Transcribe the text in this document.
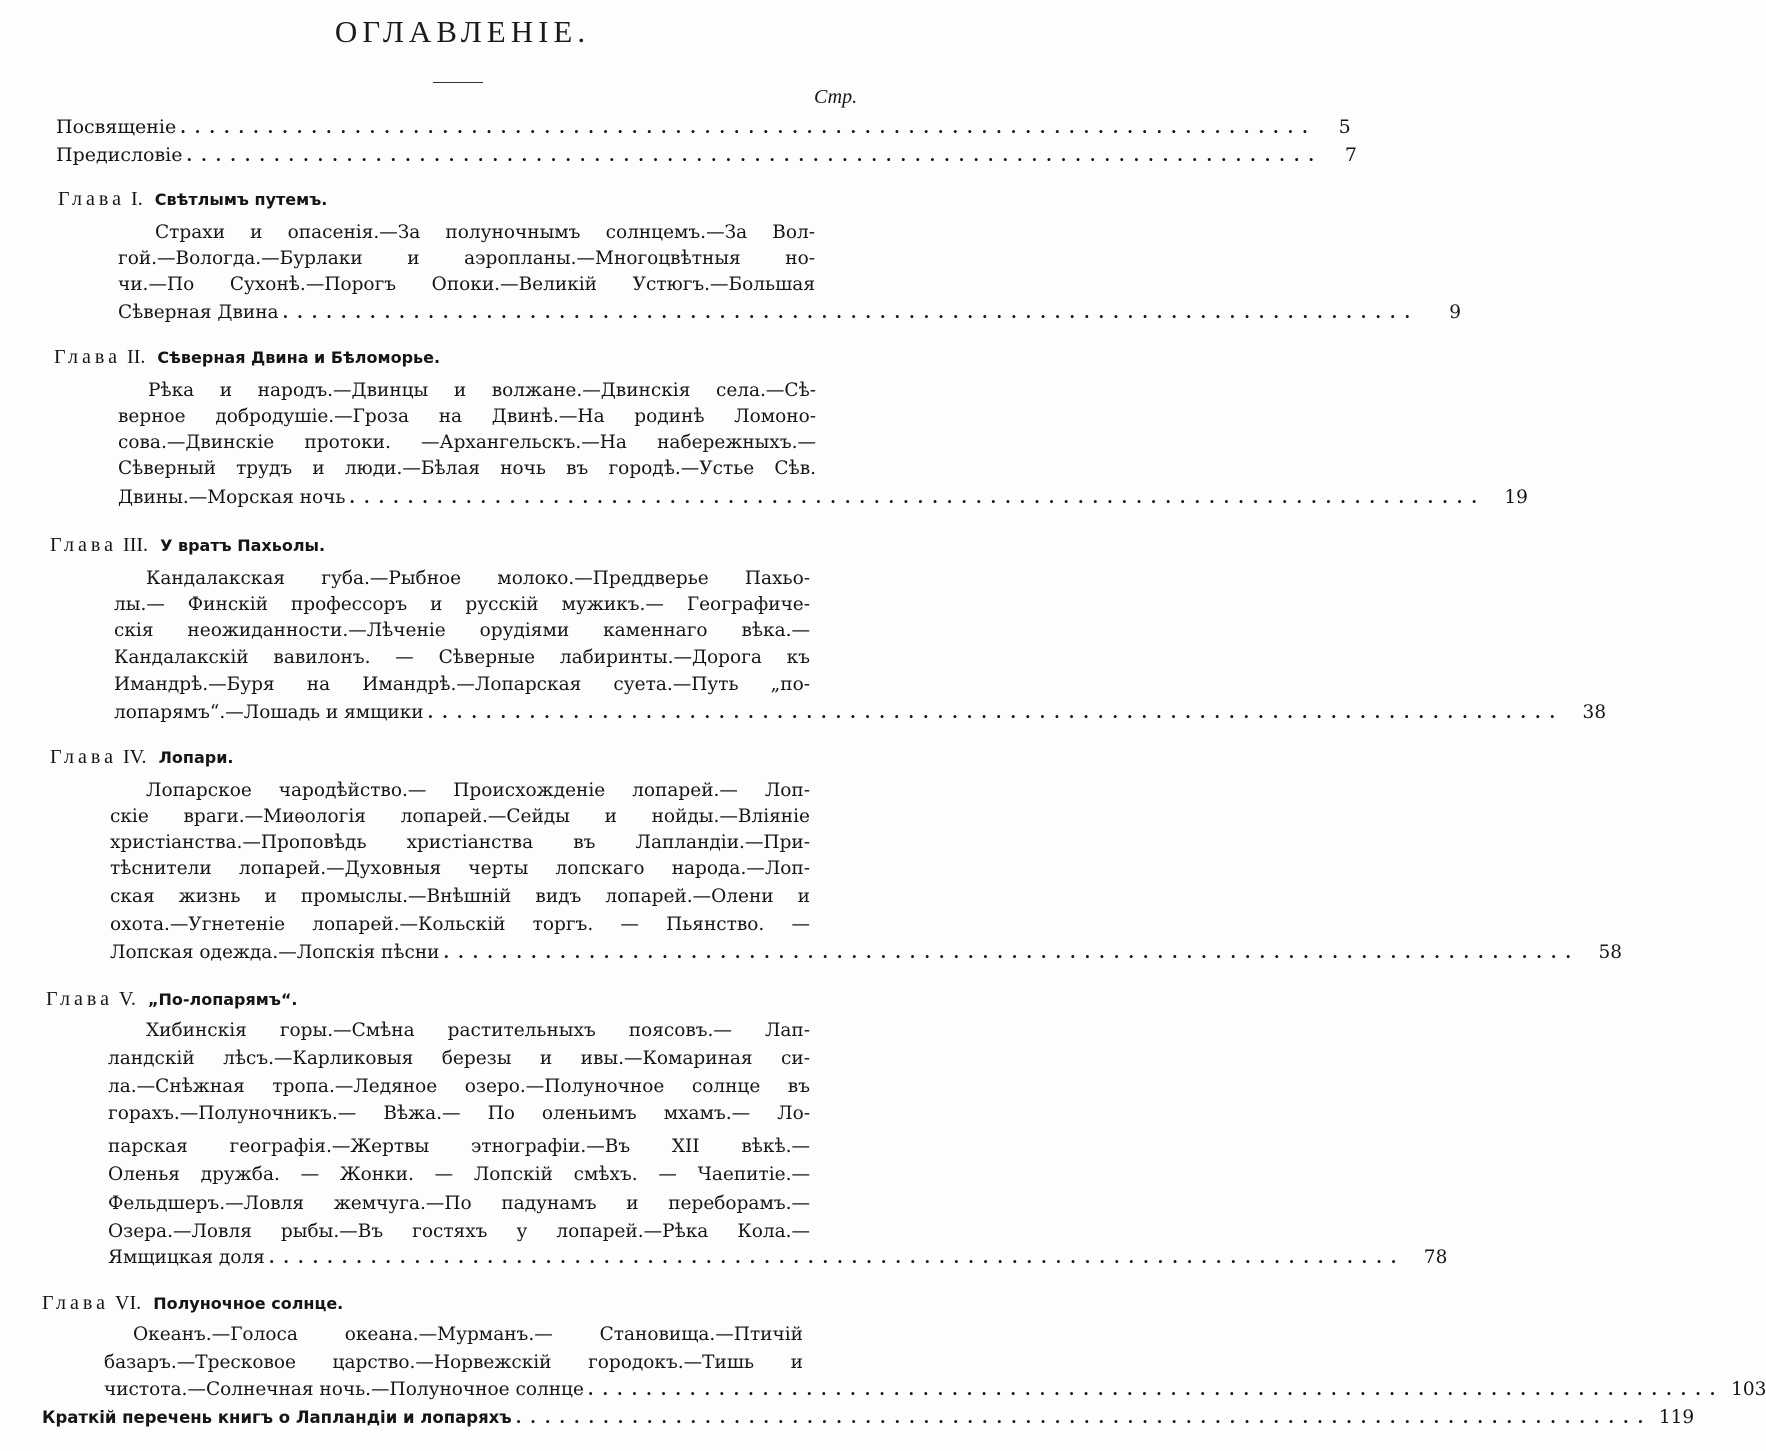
ОГЛАВЛЕНIЕ.
Стр.
Посвященiе ..............................................................................	5
Предисловiе ..............................................................................	7
Глава I. Свѣтлымъ путемъ.
Страхи и опасенiя.—За полуночнымъ солнцемъ.—За Вол-
гой.—Вологда.—Бурлаки и аэропланы.—Многоцвѣтныя но-
чи.—По Сухонѣ.—Порогъ Опоки.—Великiй Устюгъ.—Большая
Сѣверная Двина ..............................................................................	9
Глава II. Сѣверная Двина и Бѣломорье.
Рѣка и народъ.—Двинцы и волжане.—Двинскiя села.—Сѣ-
верное добродушiе.—Гроза на Двинѣ.—На родинѣ Ломоно-
сова.—Двинскiе протоки. —Архангельскъ.—На набережныхъ.—
Сѣверный трудъ и люди.—Бѣлая ночь въ городѣ.—Устье Сѣв.
Двины.—Морская ночь .............................................................................. 19
Глава III. У вратъ Пахьолы.
Кандалакская губа.—Рыбное молоко.—Преддверье Пахьо-
лы.— Финскiй профессоръ и русскiй мужикъ.— Географиче-
скiя неожиданности.—Лѣченiе орудiями каменнаго вѣка.—
Кандалакскiй вавилонъ. — Сѣверные лабиринты.—Дорога къ
Имандрѣ.—Буря на Имандрѣ.—Лопарская суета.—Путь „по-
лопарямъ“.—Лошадь и ямщики .............................................................................. 38
Глава IV. Лопари.
Лопарское чародѣйство.— Происхожденiе лопарей.— Лоп-
скiе враги.—Миѳологiя лопарей.—Сейды и нойды.—Влiянiе
христiанства.—Проповѣдь христiанства въ Лапландiи.—При-
тѣснители лопарей.—Духовныя черты лопскаго народа.—Лоп-
ская жизнь и промыслы.—Внѣшнiй видъ лопарей.—Олени и
охота.—Угнетенiе лопарей.—Кольскiй торгъ. — Пьянство. —
Лопская одежда.—Лопскiя пѣсни .............................................................................. 58
Глава V. „По-лопарямъ“.
Хибинскiя горы.—Смѣна растительныхъ поясовъ.— Лап-
ландскiй лѣсъ.—Карликовыя березы и ивы.—Комариная си-
ла.—Снѣжная тропа.—Ледяное озеро.—Полуночное солнце въ
горахъ.—Полуночникъ.— Вѣжа.— По оленьимъ мхамъ.— Ло-
парская географiя.—Жертвы этнографiи.—Въ XII вѣкѣ.—
Оленья дружба. — Жонки. — Лопскiй смѣхъ. — Чаепитiе.—
Фельдшеръ.—Ловля жемчуга.—По падунамъ и переборамъ.—
Озера.—Ловля рыбы.—Въ гостяхъ у лопарей.—Рѣка Кола.—
Ямщицкая доля .............................................................................. 78
Глава VI. Полуночное солнце.
Океанъ.—Голоса океана.—Мурманъ.— Становища.—Птичiй
базаръ.—Тресковое царство.—Норвежскiй городокъ.—Тишь и
чистота.—Солнечная ночь.—Полуночное солнце .............................................................................. 103
Краткiй перечень книгъ о Лапландiи и лопаряхъ .............................................................................. 119
